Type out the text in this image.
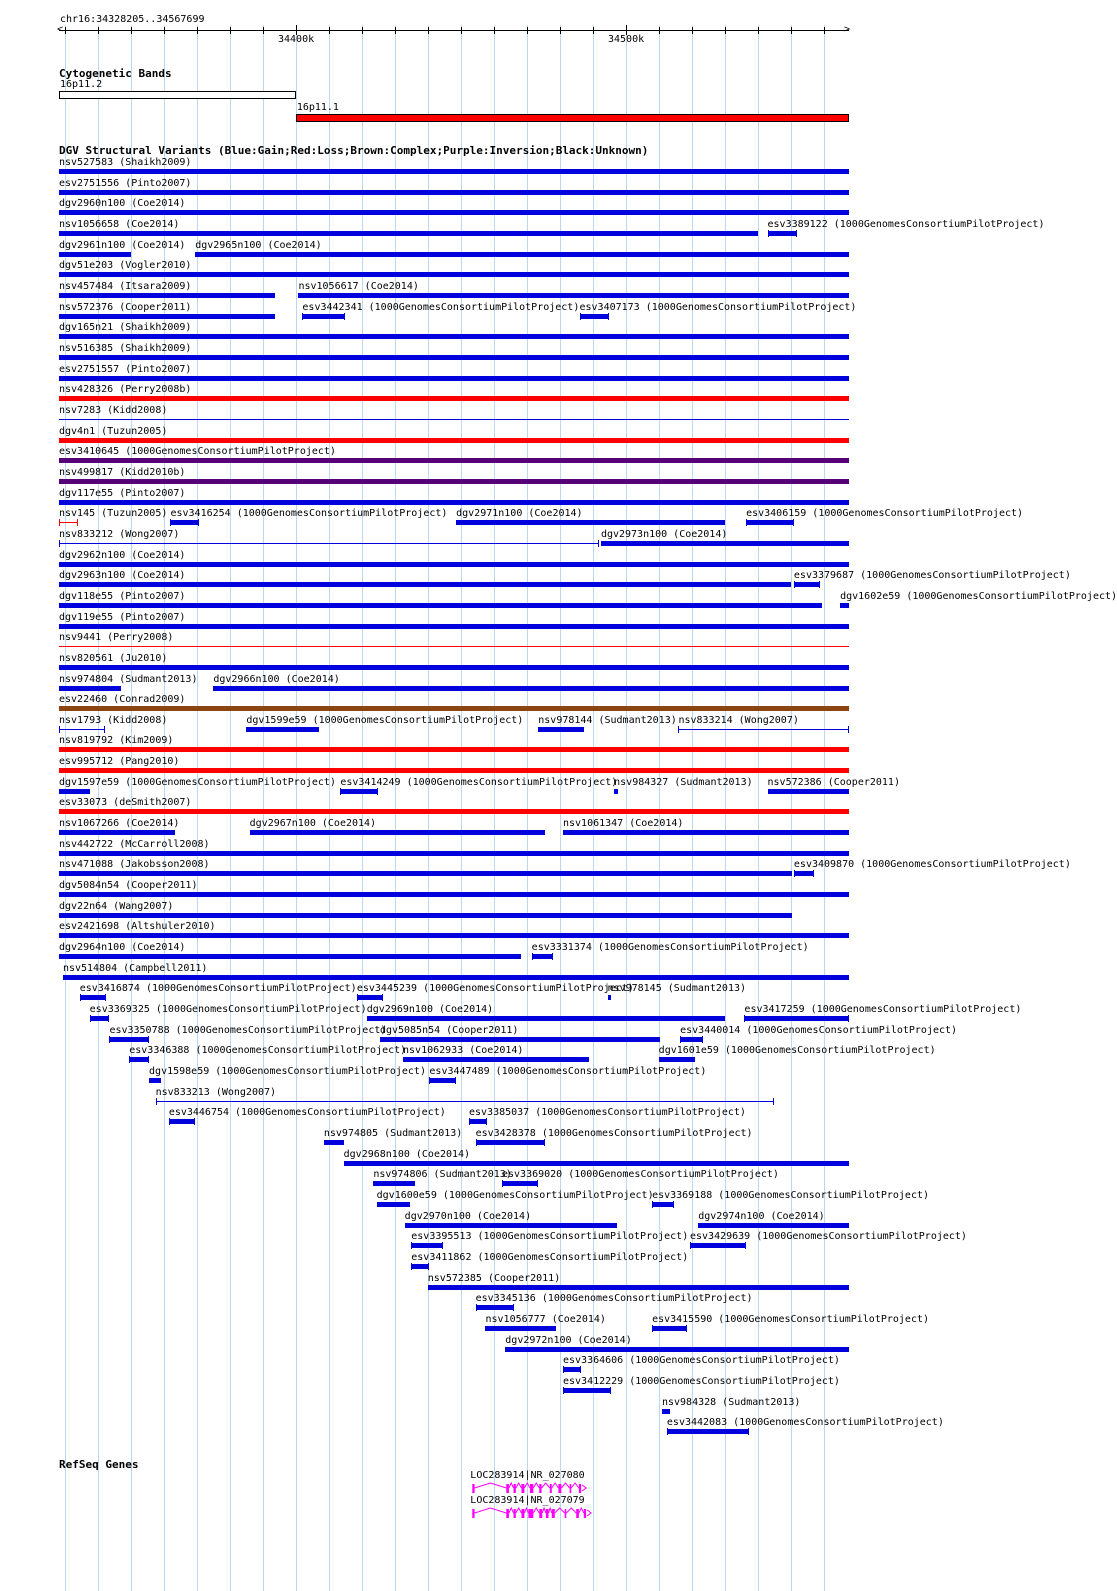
chr16:34328205..34567699
<	>
34400k	34500k
Cytogenetic Bands
16p11.2
16p11.1
DGV Structural Variants (Blue:Gain;Red:Loss;Brown:Complex;Purple:Inversion;Black:Unknown)
nsv527583 (Shaikh2009)
esv2751556 (Pinto2007)
dgv2960n100 (Coe2014)
nsv1056658 (Coe2014)	esv3389122 (1000GenomesConsortiumPilotProject)
dgv2961n100 (Coe2014) dgv2965n100 (Coe2014)
dgv51e203 (Vogler2010)
nsv457484 (Itsara2009)	nsv1056617 (Coe2014)
nsv572376 (Cooper2011)	esv3442341 (1000GenomesConsortiumPilotProject) esv3407173 (1000GenomesConsortiumPilotProject)
dgv165n21 (Shaikh2009)
nsv516385 (Shaikh2009)
esv2751557 (Pinto2007)
nsv428326 (Perry2008b)
nsv7283 (Kidd2008)
dgv4n1 (Tuzun2005)
esv3410645 (1000GenomesConsortiumPilotProject)
nsv499817 (Kidd2010b)
dgv117e55 (Pinto2007)
nsv145 (Tuzun2005) esv3416254 (1000GenomesConsortiumPilotProject) dgv2971n100 (Coe2014)	esv3406159 (1000GenomesConsortiumPilotProject)
nsv833212 (Wong2007)	dgv2973n100 (Coe2014)
dgv2962n100 (Coe2014)
dgv2963n100 (Coe2014)	esv3379687 (1000GenomesConsortiumPilotProject)
dgv118e55 (Pinto2007)	dgv1602e59 (1000GenomesConsortiumPilotProject)
dgv119e55 (Pinto2007)
nsv9441 (Perry2008)
nsv820561 (Ju2010)
nsv974804 (Sudmant2013) dgv2966n100 (Coe2014)
esv22460 (Conrad2009)
nsv1793 (Kidd2008)	dgv1599e59 (1000GenomesConsortiumPilotProject) nsv978144 (Sudmant2013) nsv833214 (Wong2007)
nsv819792 (Kim2009)
esv995712 (Pang2010)
dgv1597e59 (1000GenomesConsortiumPilotProject) esv3414249 (1000GenomesConsortiumPilotProject)
nsv984327 (Sudmant2013) nsv572386 (Cooper2011)
esv33073 (deSmith2007)
nsv1067266 (Coe2014)	dgv2967n100 (Coe2014)	nsv1061347 (Coe2014)
nsv442722 (McCarroll2008)
nsv471088 (Jakobsson2008)	esv3409870 (1000GenomesConsortiumPilotProject)
dgv5084n54 (Cooper2011)
dgv22n64 (Wang2007)
esv2421698 (Altshuler2010)
dgv2964n100 (Coe2014)	esv3331374 (1000GenomesConsortiumPilotProject)
nsv514804 (Campbell2011)
esv3416874 (1000GenomesConsortiumPilotProject) esv3445239 (1000GenomesConsortiumPilotProject)
nsv978145 (Sudmant2013)
esv3369325 (1000GenomesConsortiumPilotProject) dgv2969n100 (Coe2014)	esv3417259 (1000GenomesConsortiumPilotProject)
esv3350788 (1000GenomesConsortiumPilotProject)
dgv5085n54 (Cooper2011)	esv3440014 (1000GenomesConsortiumPilotProject)
esv3346388 (1000GenomesConsortiumPilotProject)
nsv1062933 (Coe2014)	dgv1601e59 (1000GenomesConsortiumPilotProject)
dgv1598e59 (1000GenomesConsortiumPilotProject) esv3447489 (1000GenomesConsortiumPilotProject)
nsv833213 (Wong2007)
esv3446754 (1000GenomesConsortiumPilotProject) esv3385037 (1000GenomesConsortiumPilotProject)
nsv974805 (Sudmant2013) esv3428378 (1000GenomesConsortiumPilotProject)
dgv2968n100 (Coe2014)
nsv974806 (Sudmant2013)
esv3369020 (1000GenomesConsortiumPilotProject)
dgv1600e59 (1000GenomesConsortiumPilotProject)
esv3369188 (1000GenomesConsortiumPilotProject)
dgv2970n100 (Coe2014)	dgv2974n100 (Coe2014)
esv3395513 (1000GenomesConsortiumPilotProject) esv3429639 (1000GenomesConsortiumPilotProject)
esv3411862 (1000GenomesConsortiumPilotProject)
nsv572385 (Cooper2011)
esv3345136 (1000GenomesConsortiumPilotProject)
nsv1056777 (Coe2014)	esv3415590 (1000GenomesConsortiumPilotProject)
dgv2972n100 (Coe2014)
esv3364606 (1000GenomesConsortiumPilotProject)
esv3412229 (1000GenomesConsortiumPilotProject)
nsv984328 (Sudmant2013)
esv3442083 (1000GenomesConsortiumPilotProject)
RefSeq Genes
LOC283914|NR_027080
LOC283914|NR_027079
